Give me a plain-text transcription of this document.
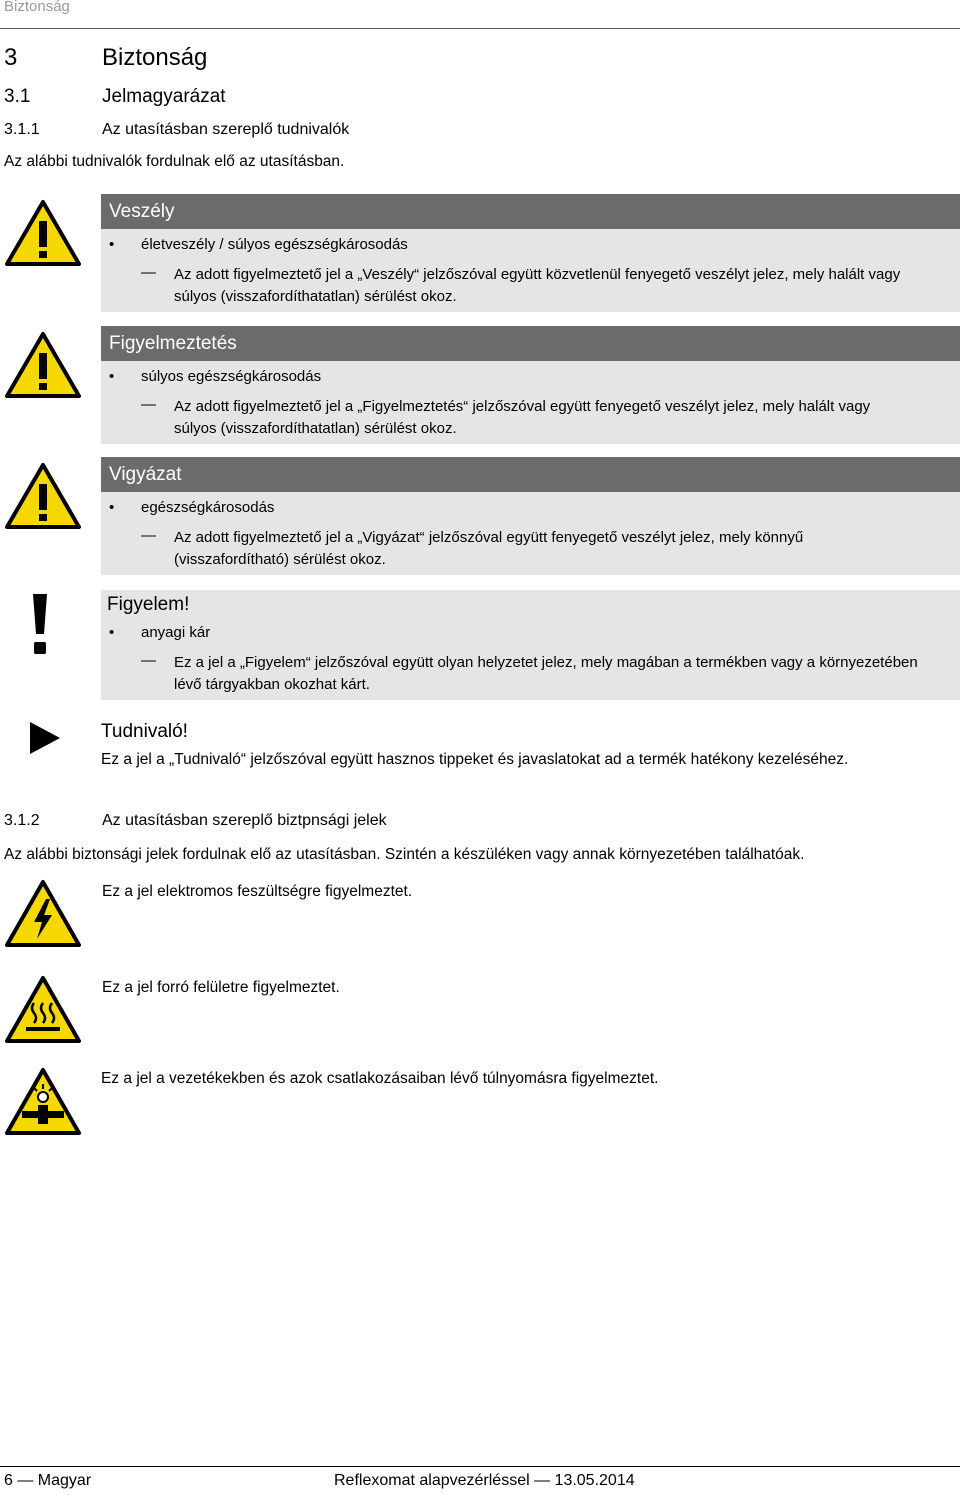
Biztonság
3	Biztonság
3.1	Jelmagyarázat
3.1.1	Az utasításban szereplő tudnivalók
Az alábbi tudnivalók fordulnak elő az utasításban.
Veszély
• életveszély / súlyos egészségkárosodás
— Az adott figyelmeztető jel a „Veszély“ jelzőszóval együtt közvetlenül fenyegető veszélyt jelez, mely halált vagy
súlyos (visszafordíthatatlan) sérülést okoz.
Figyelmeztetés
• súlyos egészségkárosodás
— Az adott figyelmeztető jel a „Figyelmeztetés“ jelzőszóval együtt fenyegető veszélyt jelez, mely halált vagy
súlyos (visszafordíthatatlan) sérülést okoz.
Vigyázat
• egészségkárosodás
— Az adott figyelmeztető jel a „Vigyázat“ jelzőszóval együtt fenyegető veszélyt jelez, mely könnyű
(visszafordítható) sérülést okoz.
Figyelem!
• anyagi kár
— Ez a jel a „Figyelem“ jelzőszóval együtt olyan helyzetet jelez, mely magában a termékben vagy a környezetében
lévő tárgyakban okozhat kárt.
Tudnivaló!
Ez a jel a „Tudnivaló“ jelzőszóval együtt hasznos tippeket és javaslatokat ad a termék hatékony kezeléséhez.
3.1.2	Az utasításban szereplő biztpnsági jelek
Az alábbi biztonsági jelek fordulnak elő az utasításban. Szintén a készüléken vagy annak környezetében találhatóak.
Ez a jel elektromos feszültségre figyelmeztet.
Ez a jel forró felületre figyelmeztet.
Ez a jel a vezetékekben és azok csatlakozásaiban lévő túlnyomásra figyelmeztet.
6 — Magyar	Reflexomat alapvezérléssel — 13.05.2014
